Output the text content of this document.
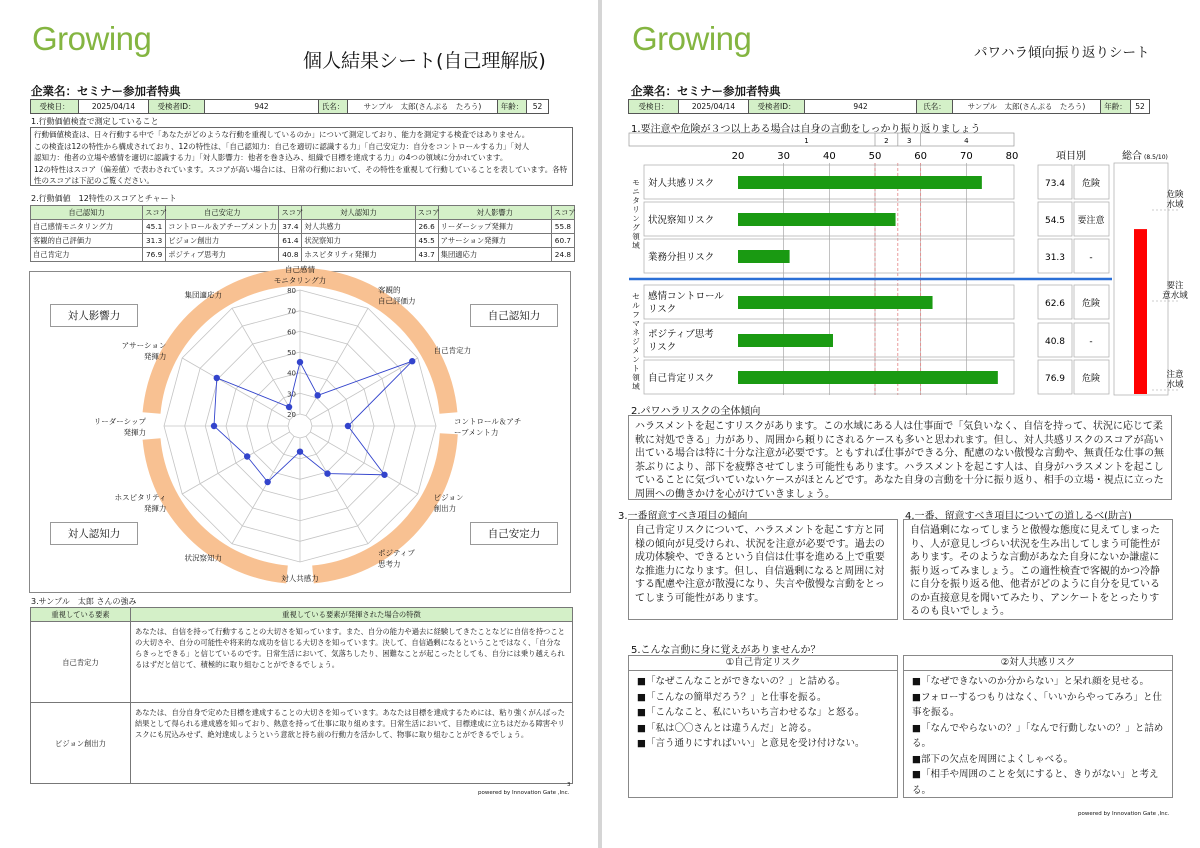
Growing
個人結果シート(自己理解版)
企業名：セミナー参加者特典
受検日：	2025/04/14	受検者ID：	942	氏名：	サンプル　太郎(さんぷる　たろう)	年齢：	52
1.行動価値検査で測定していること
行動価値検査は、日々行動する中で「あなたがどのような行動を重視しているのか」について測定しており、能力を測定する検査ではありません。
この検査は12の特性から構成されており、12の特性は、「自己認知力：自己を適切に認識する力」「自己安定力：自分をコントロールする力」「対人
認知力：他者の立場や感情を適切に認識する力」「対人影響力：他者を巻き込み、組織で目標を達成する力」の4つの領域に分かれています。
12の特性はスコア（偏差値）で表わされています。スコアが高い場合には、日常の行動において、その特性を重視して行動していることを表しています。各特性のスコアは下記のご覧ください。
2.行動価値　12特性のスコアとチャート
自己認知力	スコア	自己安定力	スコア	対人認知力	スコア	対人影響力	スコア
自己感情モニタリング力	45.1	コントロール＆アチーブメント力	37.4	対人共感力	26.6	リーダーシップ発揮力	55.8
客観的自己評価力	31.3	ビジョン創出力	61.4	状況察知力	45.5	アサーション発揮力	60.7
自己肯定力	76.9	ポジティブ思考力	40.8	ホスピタリティ発揮力	43.7	集団適応力	24.8
20
30
40
50
60
70
80
自己感情モニタリング力
客観的自己評価力
自己肯定力
コントロール＆アチーブメント力
ビジョン創出力
ポジティブ思考力
対人共感力
状況察知力
ホスピタリティ発揮力
リーダーシップ発揮力
アサーション発揮力
集団適応力
対人影響力	自己認知力
対人認知力	自己安定力
3.サンプル　太郎 さんの強み
重視している要素	重視している要素が発揮された場合の特徴
自己肯定力	あなたは、自信を持って行動することの大切さを知っています。また、自分の能力や過去に経験してきたことなどに自信を持つことの大切さや、自分の可能性や将来的な成功を信じる大切さを知っています。決して、自信過剰になるということではなく、「自分ならきっとできる」と信じているのです。日常生活において、気落ちしたり、困難なことが起こったとしても、自分には乗り越えられるはずだと信じて、積極的に取り組むことができるでしょう。
ビジョン創出力	あなたは、自分自身で定めた目標を達成することの大切さを知っています。あなたは目標を達成するためには、粘り強くがんばった結果として得られる達成感を知っており、熱意を持って仕事に取り組めます。日常生活において、目標達成に立ちはだかる障害やリスクにも尻込みせず、絶対達成しようという意欲と持ち前の行動力を活かして、物事に取り組むことができるでしょう。
3
powered by Innovation Gate ,Inc.
Growing	パワハラ傾向振り返りシート
企業名：セミナー参加者特典
受検日：	2025/04/14	受検者ID：	942	氏名：	サンプル　太郎(さんぷる　たろう)	年齢：	52
1.要注意や危険が３つ以上ある場合は自身の言動をしっかり振り返りましょう
1	2	3	4
20	30	40	50	60	70	80	項目別	総合 (8.5/10)
対人共感リスク	73.4 危険
状況察知リスク	54.5 要注意
業務分担リスク	31.3	-
感情コントロールリスク	62.6 危険
ポジティブ思考リスク	40.8	-
自己肯定リスク	76.9 危険
モ
ニ
タ
リ
ン
グ
領
域
セ
ル
フ
マ
ネ
ジ
メ
ン
ト
領
域
危険
水域
要注
意水域
注意
水域
2.パワハラリスクの全体傾向
ハラスメントを起こすリスクがあります。この水域にある人は仕事面で「気負いなく、自信を持って、状況に応じて柔軟に対処できる」力があり、周囲から頼りにされるケースも多いと思われます。但し、対人共感リスクのスコアが高い出ている場合は特に十分な注意が必要です。ともすれば仕事ができる分、配慮のない傲慢な言動や、無責任な仕事の無茶ぶりにより、部下を疲弊させてしまう可能性もあります。ハラスメントを起こす人は、自身がハラスメントを起こしていることに気づいていないケースがほとんどです。あなた自身の言動を十分に振り返り、相手の立場・視点に立った周囲への働きかけを心がけていきましょう。
3.一番留意すべき項目の傾向
自己肯定リスクについて、ハラスメントを起こす方と同様の傾向が見受けられ、状況を注意が必要です。過去の成功体験や、できるという自信は仕事を進める上で重要な推進力になります。但し、自信過剰になると周囲に対する配慮や注意が散漫になり、失言や傲慢な言動をとってしまう可能性があります。
4.一番、留意すべき項目についての道しるべ(助言)
自信過剰になってしまうと傲慢な態度に見えてしまったり、人が意見しづらい状況を生み出してしまう可能性があります。そのような言動があなた自身にないか謙虚に振り返ってみましょう。この適性検査で客観的かつ冷静に自分を振り返る他、他者がどのように自分を見ているのか直接意見を聞いてみたり、アンケートをとったりするのも良いでしょう。
5.こんな言動に身に覚えがありませんか？
①自己肯定リスク
■「なぜこんなことができないの？」と詰める。
■「こんなの簡単だろう？」と仕事を振る。
■「こんなこと、私にいちいち言わせるな」と怒る。
■「私は〇〇さんとは違うんだ」と誇る。
■「言う通りにすればいい」と意見を受け付けない。
②対人共感リスク
■「なぜできないのか分からない」と呆れ顔を見せる。
■フォローするつもりはなく、「いいからやってみろ」と仕事を振る。
■「なんでやらないの？」「なんで行動しないの？」と詰める。
■部下の欠点を周囲によくしゃべる。
■「相手や周囲のことを気にすると、きりがない」と考える。
powered by Innovation Gate ,Inc.
